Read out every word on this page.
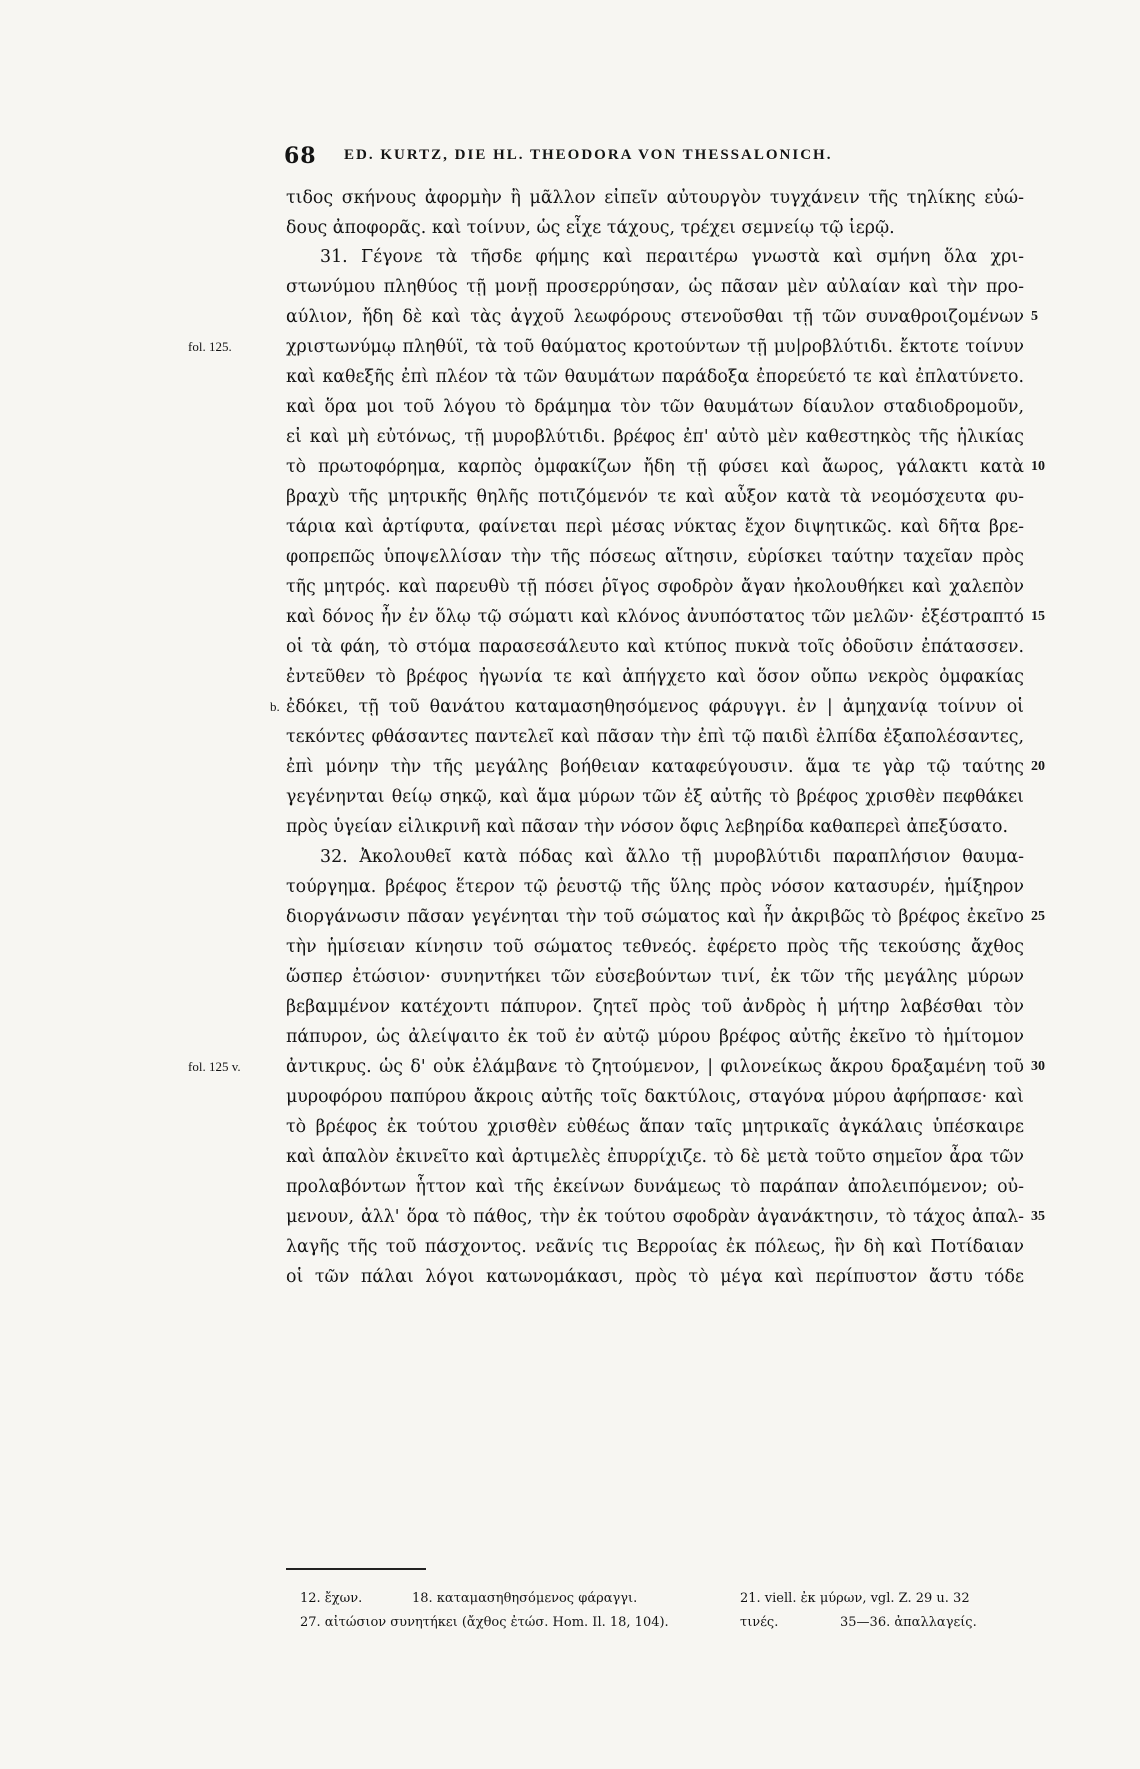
68 ED. KURTZ, DIE HL. THEODORA VON THESSALONICH.
τιδος σκήνους ἀφορμὴν ἢ μᾶλλον εἰπεῖν αὐτουργὸν τυγχάνειν τῆς τηλίκης εὐώ-
δους ἀποφορᾶς. καὶ τοίνυν, ὡς εἶχε τάχους, τρέχει σεμνείῳ τῷ ἱερῷ.
31. Γέγονε τὰ τῆσδε φήμης καὶ περαιτέρω γνωστὰ καὶ σμήνη ὅλα χρι-
στωνύμου πληθύος τῇ μονῇ προσερρύησαν, ὡς πᾶσαν μὲν αὐλαίαν καὶ τὴν προ-
αύλιον, ἤδη δὲ καὶ τὰς ἀγχοῦ λεωφόρους στενοῦσθαι τῇ τῶν συναθροιζομένων
χριστωνύμῳ πληθύϊ, τὰ τοῦ θαύματος κροτούντων τῇ μυ|ροβλύτιδι. ἔκτοτε τοίνυν
καὶ καθεξῆς ἐπὶ πλέον τὰ τῶν θαυμάτων παράδοξα ἐπορεύετό τε καὶ ἐπλατύνετο.
καὶ ὅρα μοι τοῦ λόγου τὸ δράμημα τὸν τῶν θαυμάτων δίαυλον σταδιοδρομοῦν,
εἰ καὶ μὴ εὐτόνως, τῇ μυροβλύτιδι. βρέφος ἐπ' αὐτὸ μὲν καθεστηκὸς τῆς ἡλικίας
τὸ πρωτοφόρημα, καρπὸς ὀμφακίζων ἤδη τῇ φύσει καὶ ἄωρος, γάλακτι κατὰ
βραχὺ τῆς μητρικῆς θηλῆς ποτιζόμενόν τε καὶ αὖξον κατὰ τὰ νεομόσχευτα φυ-
τάρια καὶ ἀρτίφυτα, φαίνεται περὶ μέσας νύκτας ἔχον διψητικῶς. καὶ δῆτα βρε-
φοπρεπῶς ὑποψελλίσαν τὴν τῆς πόσεως αἴτησιν, εὑρίσκει ταύτην ταχεῖαν πρὸς
τῆς μητρός. καὶ παρευθὺ τῇ πόσει ῥῖγος σφοδρὸν ἄγαν ἠκολουθήκει καὶ χαλεπὸν
καὶ δόνος ἦν ἐν ὅλῳ τῷ σώματι καὶ κλόνος ἀνυπόστατος τῶν μελῶν· ἐξέστραπτό
οἱ τὰ φάη, τὸ στόμα παρασεσάλευτο καὶ κτύπος πυκνὰ τοῖς ὀδοῦσιν ἐπάτασσεν.
ἐντεῦθεν τὸ βρέφος ἠγωνία τε καὶ ἀπήγχετο καὶ ὅσον οὔπω νεκρὸς ὀμφακίας
ἐδόκει, τῇ τοῦ θανάτου καταμασηθησόμενος φάρυγγι. ἐν | ἀμηχανίᾳ τοίνυν οἱ
τεκόντες φθάσαντες παντελεῖ καὶ πᾶσαν τὴν ἐπὶ τῷ παιδὶ ἐλπίδα ἐξαπολέσαντες,
ἐπὶ μόνην τὴν τῆς μεγάλης βοήθειαν καταφεύγουσιν. ἅμα τε γὰρ τῷ ταύτης
γεγένηνται θείῳ σηκῷ, καὶ ἅμα μύρων τῶν ἐξ αὐτῆς τὸ βρέφος χρισθὲν πεφθάκει
πρὸς ὑγείαν εἰλικρινῆ καὶ πᾶσαν τὴν νόσον ὄφις λεβηρίδα καθαπερεὶ ἀπεξύσατο.
32. Ἀκολουθεῖ κατὰ πόδας καὶ ἄλλο τῇ μυροβλύτιδι παραπλήσιον θαυμα-
τούργημα. βρέφος ἕτερον τῷ ῥευστῷ τῆς ὕλης πρὸς νόσον κατασυρέν, ἡμίξηρον
διοργάνωσιν πᾶσαν γεγένηται τὴν τοῦ σώματος καὶ ἦν ἀκριβῶς τὸ βρέφος ἐκεῖνο
τὴν ἡμίσειαν κίνησιν τοῦ σώματος τεθνεός. ἐφέρετο πρὸς τῆς τεκούσης ἄχθος
ὥσπερ ἐτώσιον· συνηντήκει τῶν εὐσεβούντων τινί, ἐκ τῶν τῆς μεγάλης μύρων
βεβαμμένον κατέχοντι πάπυρον. ζητεῖ πρὸς τοῦ ἀνδρὸς ἡ μήτηρ λαβέσθαι τὸν
πάπυρον, ὡς ἀλείψαιτο ἐκ τοῦ ἐν αὐτῷ μύρου βρέφος αὐτῆς ἐκεῖνο τὸ ἡμίτομον
ἀντικρυς. ὡς δ' οὐκ ἐλάμβανε τὸ ζητούμενον, | φιλονείκως ἄκρου δραξαμένη τοῦ
μυροφόρου παπύρου ἄκροις αὐτῆς τοῖς δακτύλοις, σταγόνα μύρου ἀφήρπασε· καὶ
τὸ βρέφος ἐκ τούτου χρισθὲν εὐθέως ἅπαν ταῖς μητρικαῖς ἀγκάλαις ὑπέσκαιρε
καὶ ἁπαλὸν ἐκινεῖτο καὶ ἀρτιμελὲς ἐπυρρίχιζε. τὸ δὲ μετὰ τοῦτο σημεῖον ἆρα τῶν
προλαβόντων ἧττον καὶ τῆς ἐκείνων δυνάμεως τὸ παράπαν ἀπολειπόμενον; οὐ-
μενουν, ἀλλ' ὅρα τὸ πάθος, τὴν ἐκ τούτου σφοδρὰν ἀγανάκτησιν, τὸ τάχος ἀπαλ-
λαγῆς τῆς τοῦ πάσχοντος. νεᾶνίς τις Βερροίας ἐκ πόλεως, ἣν δὴ καὶ Ποτίδαιαν
οἱ τῶν πάλαι λόγοι κατωνομάκασι, πρὸς τὸ μέγα καὶ περίπυστον ἄστυ τόδε
5
10
15
20
25
30
35
fol. 125.
b.
fol. 125 v.
12. ἔχων.	18. καταμασηθησόμενος φάραγγι.	21. viell. ἐκ μύρων, vgl. Z. 29 u. 32
27. αἰτώσιον συνητήκει (ἄχθος ἐτώσ. Hom. Il. 18, 104).	τινές.	35—36. ἀπαλλαγείς.
